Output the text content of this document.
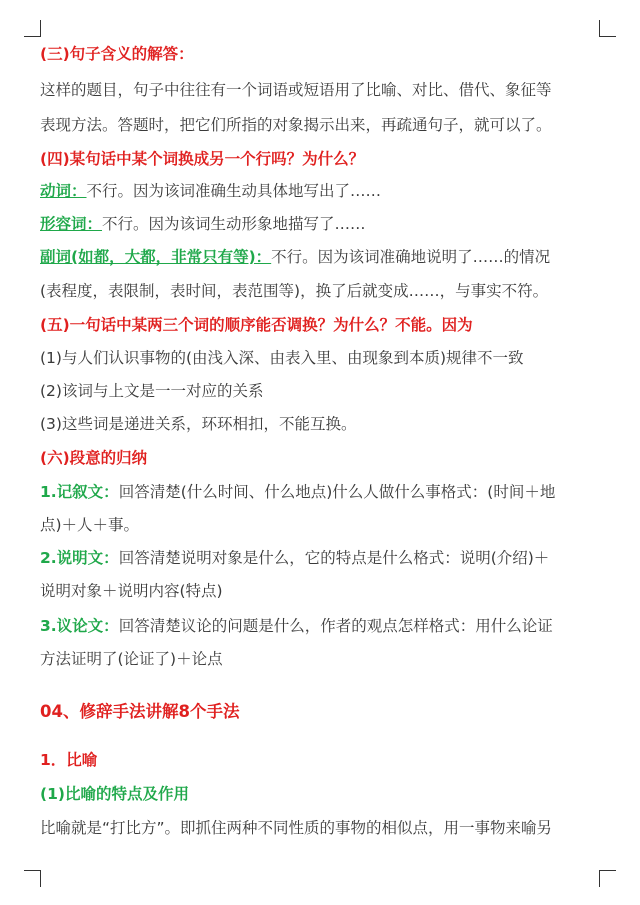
(三)句子含义的解答：
这样的题目，句子中往往有一个词语或短语用了比喻、对比、借代、象征等
表现方法。答题时，把它们所指的对象揭示出来，再疏通句子，就可以了。
(四)某句话中某个词换成另一个行吗？为什么？
动词：不行。因为该词准确生动具体地写出了……
形容词：不行。因为该词生动形象地描写了……
副词(如都，大都，非常只有等)：不行。因为该词准确地说明了……的情况
(表程度，表限制，表时间，表范围等)，换了后就变成……，与事实不符。
(五)一句话中某两三个词的顺序能否调换？为什么？不能。因为
(1)与人们认识事物的(由浅入深、由表入里、由现象到本质)规律不一致
(2)该词与上文是一一对应的关系
(3)这些词是递进关系，环环相扣，不能互换。
(六)段意的归纳
1.记叙文：回答清楚(什么时间、什么地点)什么人做什么事格式：(时间＋地
点)＋人＋事。
2.说明文：回答清楚说明对象是什么，它的特点是什么格式：说明(介绍)＋
说明对象＋说明内容(特点)
3.议论文：回答清楚议论的问题是什么，作者的观点怎样格式：用什么论证
方法证明了(论证了)＋论点
04、修辞手法讲解8个手法
1．比喻
(1)比喻的特点及作用
比喻就是“打比方”。即抓住两种不同性质的事物的相似点，用一事物来喻另
